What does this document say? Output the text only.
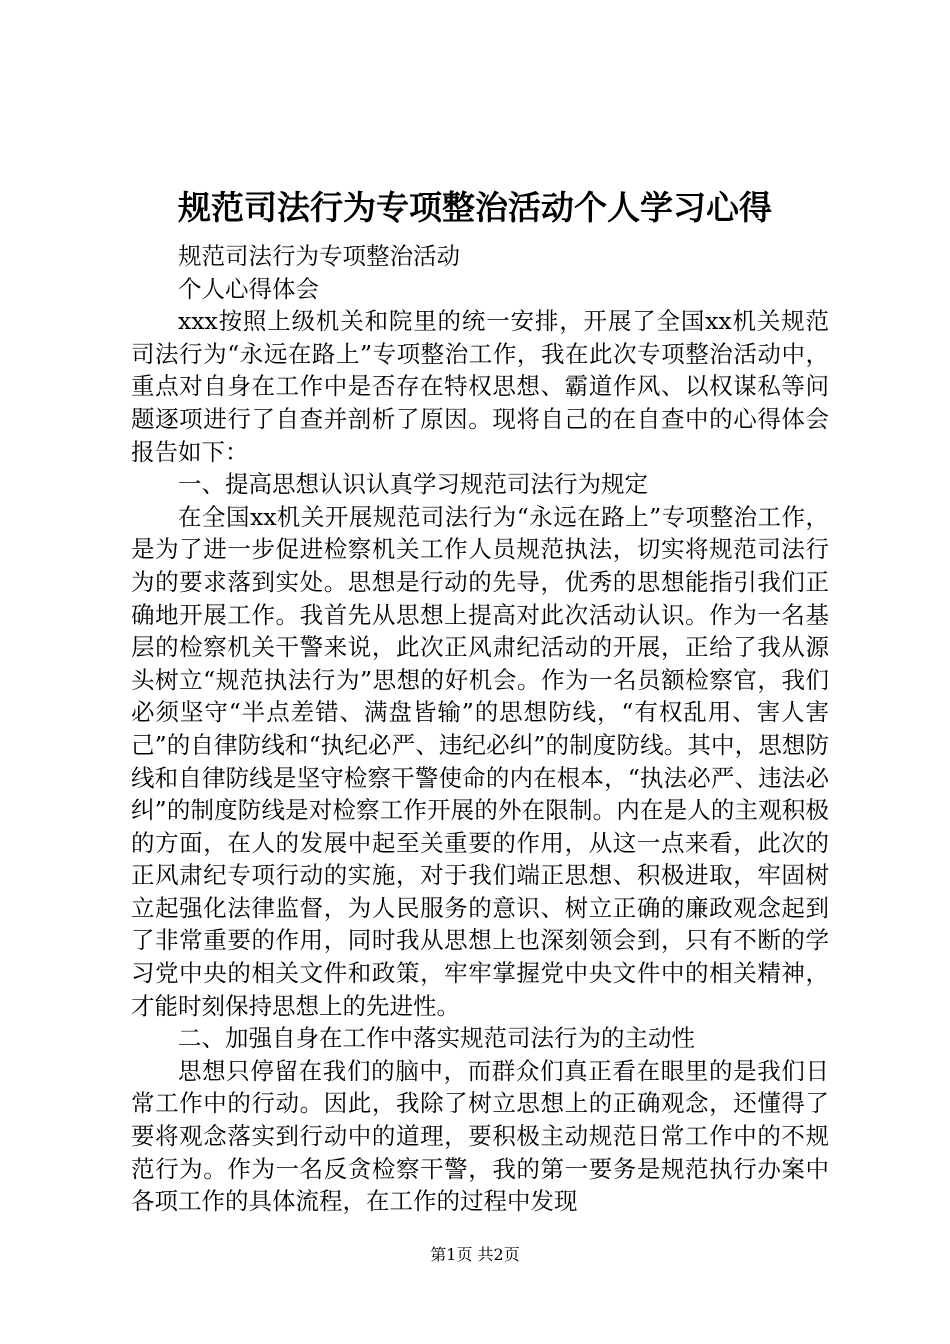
规范司法行为专项整治活动个人学习心得

规范司法行为专项整治活动

个人心得体会

xxx按照上级机关和院里的统一安排，开展了全国xx机关规范司法行为“永远在路上”专项整治工作，我在此次专项整治活动中，重点对自身在工作中是否存在特权思想、霸道作风、以权谋私等问题逐项进行了自查并剖析了原因。现将自己的在自查中的心得体会报告如下：

一、提高思想认识认真学习规范司法行为规定

在全国xx机关开展规范司法行为“永远在路上”专项整治工作，是为了进一步促进检察机关工作人员规范执法，切实将规范司法行为的要求落到实处。思想是行动的先导，优秀的思想能指引我们正确地开展工作。我首先从思想上提高对此次活动认识。作为一名基层的检察机关干警来说，此次正风肃纪活动的开展，正给了我从源头树立“规范执法行为”思想的好机会。作为一名员额检察官，我们必须坚守“半点差错、满盘皆输”的思想防线，“有权乱用、害人害己”的自律防线和“执纪必严、违纪必纠”的制度防线。其中，思想防线和自律防线是坚守检察干警使命的内在根本，“执法必严、违法必纠”的制度防线是对检察工作开展的外在限制。内在是人的主观积极的方面，在人的发展中起至关重要的作用，从这一点来看，此次的正风肃纪专项行动的实施，对于我们端正思想、积极进取，牢固树立起强化法律监督，为人民服务的意识、树立正确的廉政观念起到了非常重要的作用，同时我从思想上也深刻领会到，只有不断的学习党中央的相关文件和政策，牢牢掌握党中央文件中的相关精神，才能时刻保持思想上的先进性。

二、加强自身在工作中落实规范司法行为的主动性

思想只停留在我们的脑中，而群众们真正看在眼里的是我们日常工作中的行动。因此，我除了树立思想上的正确观念，还懂得了要将观念落实到行动中的道理，要积极主动规范日常工作中的不规范行为。作为一名反贪检察干警，我的第一要务是规范执行办案中各项工作的具体流程，在工作的过程中发现

第1页 共2页
